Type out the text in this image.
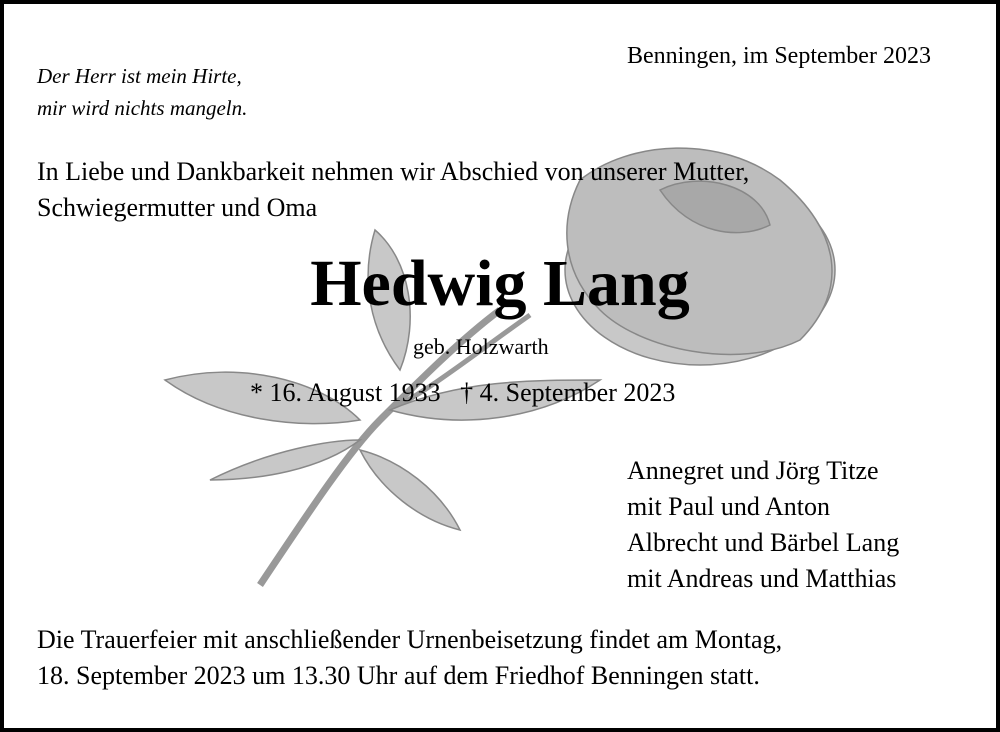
Benningen, im September 2023
Der Herr ist mein Hirte,
mir wird nichts mangeln.
In Liebe und Dankbarkeit nehmen wir Abschied von unserer Mutter,
Schwiegermutter und Oma
Hedwig Lang
geb. Holzwarth
* 16. August 1933   † 4. September 2023
Annegret und Jörg Titze
mit Paul und Anton
Albrecht und Bärbel Lang
mit Andreas und Matthias
Die Trauerfeier mit anschließender Urnenbeisetzung findet am Montag,
18. September 2023 um 13.30 Uhr auf dem Friedhof Benningen statt.
